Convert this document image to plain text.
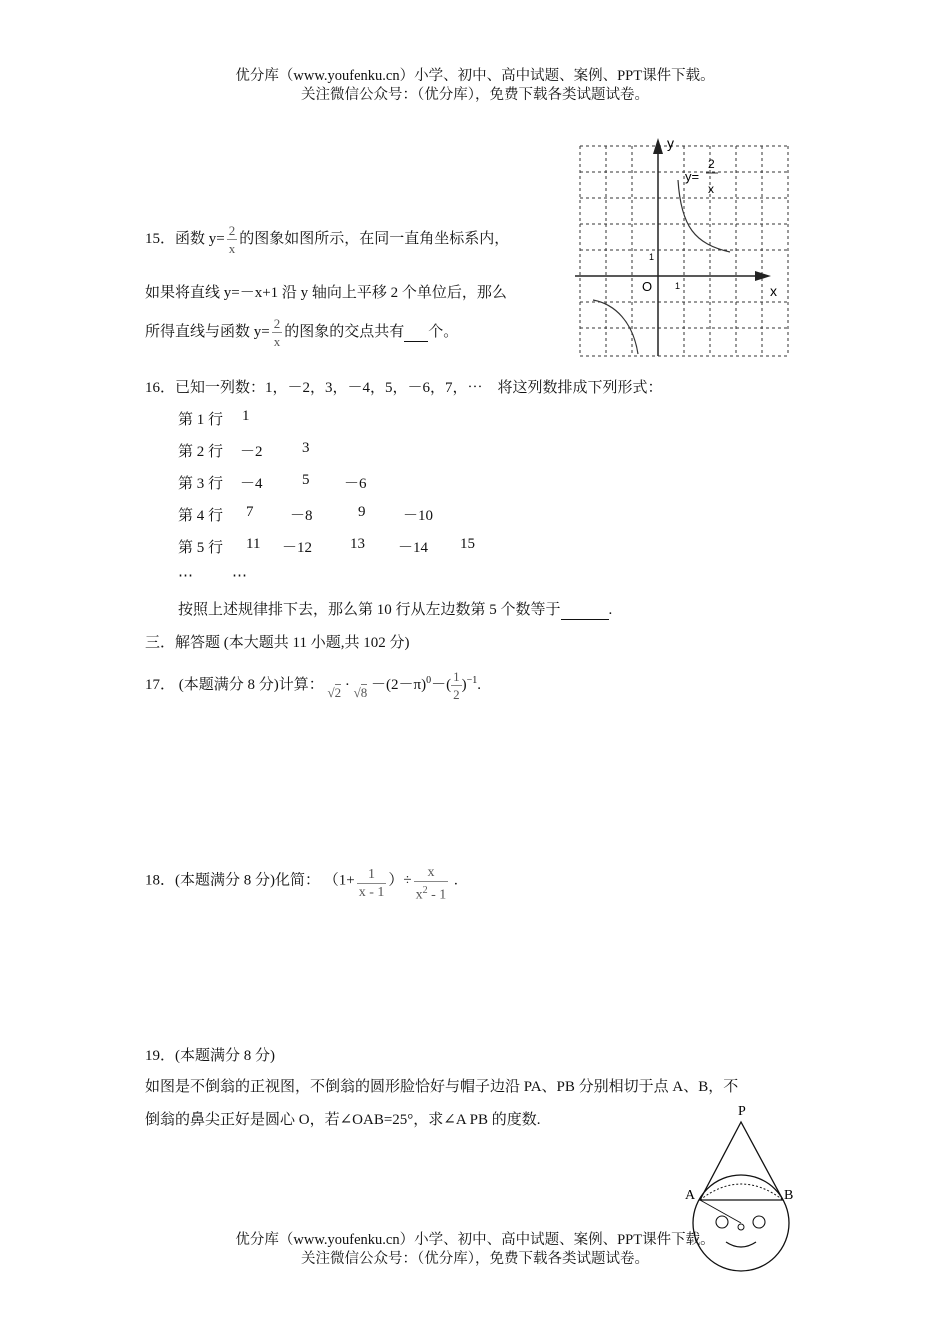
优分库（www.youfenku.cn）小学、初中、高中试题、案例、PPT课件下载。
关注微信公众号：（优分库），免费下载各类试题试卷。
y
x
O
1
1
y=
2
x
15．函数 $y= \frac{2}{x}$ 的图象如图所示，在同一直角坐标系内，
如果将直线 y=－x+1 沿 y 轴向上平移 2 个单位后，那么
所得直线与函数 $y= \frac{2}{x}$ 的图象的交点共有 个。
16．已知一列数：1，－2，3，－4，5，－6，7，⋯　将这列数排成下列形式：
第 1 行 1
第 2 行 －2	3
第 3 行 －4	5 －6
第 4 行 7 －8	9	－10
第 5 行 11 －12	13 －14 15
⋯	⋯
按照上述规律排下去，那么第 10 行从左边数第 5 个数等于	.
三．解答题 (本大题共 11 小题,共 102 分)
17． (本题满分 8 分)计算： $√2 \cdot √8 -(2-\pi)^0-( \frac{1}{2} )^{-1}$.
18．(本题满分 8 分)化简： （$1+ \frac{1}{x - 1}$ ）÷ $\frac{x}{x^2 - 1}$ .
19．(本题满分 8 分)
如图是不倒翁的正视图，不倒翁的圆形脸恰好与帽子边沿 PA、PB 分别相切于点 A、B，不
倒翁的鼻尖正好是圆心 O，若∠OAB=25°，求∠A PB 的度数.
P
A	B
优分库（www.youfenku.cn）小学、初中、高中试题、案例、PPT课件下载。
关注微信公众号：（优分库），免费下载各类试题试卷。
